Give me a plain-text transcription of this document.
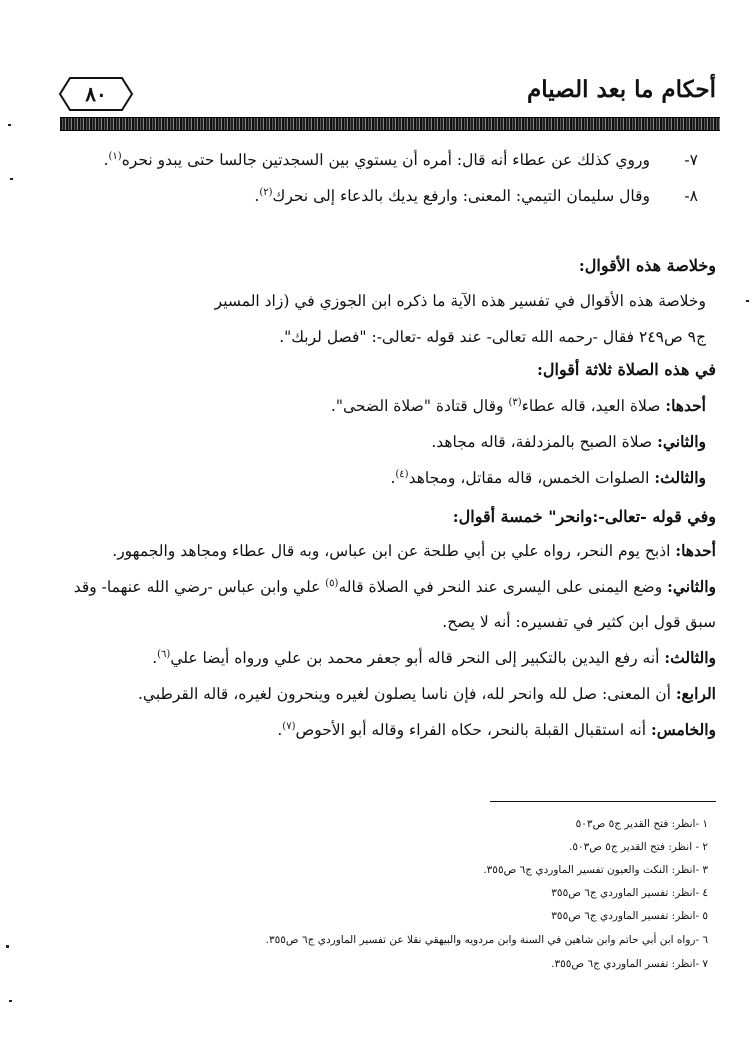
أحكام ما بعد الصيام
٨٠
٧-
وروي كذلك عن عطاء أنه قال: أمره أن يستوي بين السجدتين جالسا حتى يبدو نحره$^{(١)}$.
٨-
وقال سليمان التيمي: المعنى: وارفع يديك بالدعاء إلى نحرك$^{(٢)}$.
وخلاصة هذه الأقوال:
وخلاصة هذه الأقوال في تفسير هذه الآية ما ذكره ابن الجوزي في (زاد المسير
ج٩ ص٢٤٩ فقال -رحمه الله تعالى- عند قوله -تعالى-: "فصل لربك".
في هذه الصلاة ثلاثة أقوال:
أحدها: صلاة العيد، قاله عطاء$^{(٣)}$ وقال قتادة "صلاة الضحى".
والثاني: صلاة الصبح بالمزدلفة، قاله مجاهد.
والثالث: الصلوات الخمس، قاله مقاتل، ومجاهد$^{(٤)}$.
وفي قوله -تعالى-:وانحر" خمسة أقوال:
أحدها: اذبح يوم النحر، رواه علي بن أبي طلحة عن ابن عباس، وبه قال عطاء ومجاهد والجمهور.
والثاني: وضع اليمنى على اليسرى عند النحر في الصلاة قاله$^{(٥)}$ علي وابن عباس -رضي الله عنهما- وقد
سبق قول ابن كثير في تفسيره: أنه لا يصح.
والثالث: أنه رفع اليدين بالتكبير إلى النحر قاله أبو جعفر محمد بن علي ورواه أيضا علي$^{(٦)}$.
الرابع: أن المعنى: صل لله وانحر لله، فإن ناسا يصلون لغيره وينحرون لغيره، قاله القرطبي.
والخامس: أنه استقبال القبلة بالنحر، حكاه الفراء وقاله أبو الأحوص$^{(٧)}$.
١ -انظر: فتح القدير ج٥ ص٥٠٣
٢ - انظر: فتح القدير ج٥ ص٥٠٣.
٣ -انظر: النكت والعيون تفسير الماوردي ج٦ ص٣٥٥.
٤ -انظر: تفسير الماوردي ج٦ ص٣٥٥
٥ -انظر: تفسير الماوردي ج٦ ص٣٥٥
٦ -رواه ابن أبي حاتم وابن شاهين في السنة وابن مردويه والبيهقي نقلا عن تفسير الماوردي ج٦ ص٣٥٥.
٧ -انظر: تفسر الماوردي ج٦ ص٣٥٥.
